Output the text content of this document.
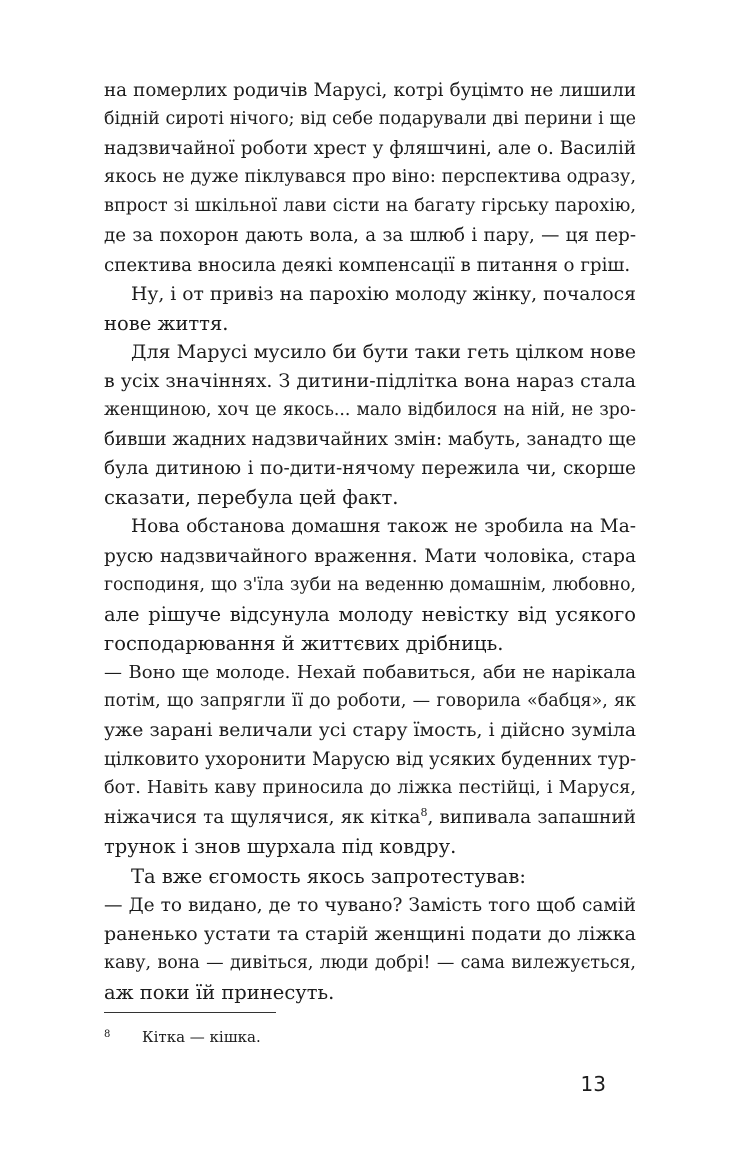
на померлих родичів Марусі, котрі буцімто не лишили
бідній сироті нічого; від себе подарували дві перини і ще
надзвичайної роботи хрест у фляшчині, але о. Василій
якось не дуже піклувався про віно: перспектива одразу,
впрост зі шкільної лави сісти на багату гірську парохію,
де за похорон дають вола, а за шлюб і пару, — ця пер-
спектива вносила деякі компенсації в питання о гріш.
Ну, і от привіз на парохію молоду жінку, почалося
нове життя.
Для Марусі мусило би бути таки геть цілком нове
в усіх значіннях. З дитини-підлітка вона нараз стала
женщиною, хоч це якось... мало відбилося на ній, не зро-
бивши жадних надзвичайних змін: мабуть, занадто ще
була дитиною і по-дити-нячому пережила чи, скорше
сказати, перебула цей факт.
Нова обстанова домашня також не зробила на Ма-
русю надзвичайного враження. Мати чоловіка, стара
господиня, що з'їла зуби на веденню домашнім, любовно,
але рішуче відсунула молоду невістку від усякого
господарювання й життєвих дрібниць.
— Воно ще молоде. Нехай побавиться, аби не нарікала
потім, що запрягли її до роботи, — говорила «бабця», як
уже зарані величали усі стару їмость, і дійсно зуміла
цілковито ухоронити Марусю від усяких буденних тур-
бот. Навіть каву приносила до ліжка пестійці, і Маруся,
ніжачися та щулячися, як кітка$^8$, випивала запашний
трунок і знов шурхала під ковдру.
Та вже єгомость якось запротестував:
— Де то видано, де то чувано? Замість того щоб самій
раненько устати та старій женщині подати до ліжка
каву, вона — дивіться, люди добрі! — сама вилежується,
аж поки їй принесуть.
8 Кітка — кішка.
13
